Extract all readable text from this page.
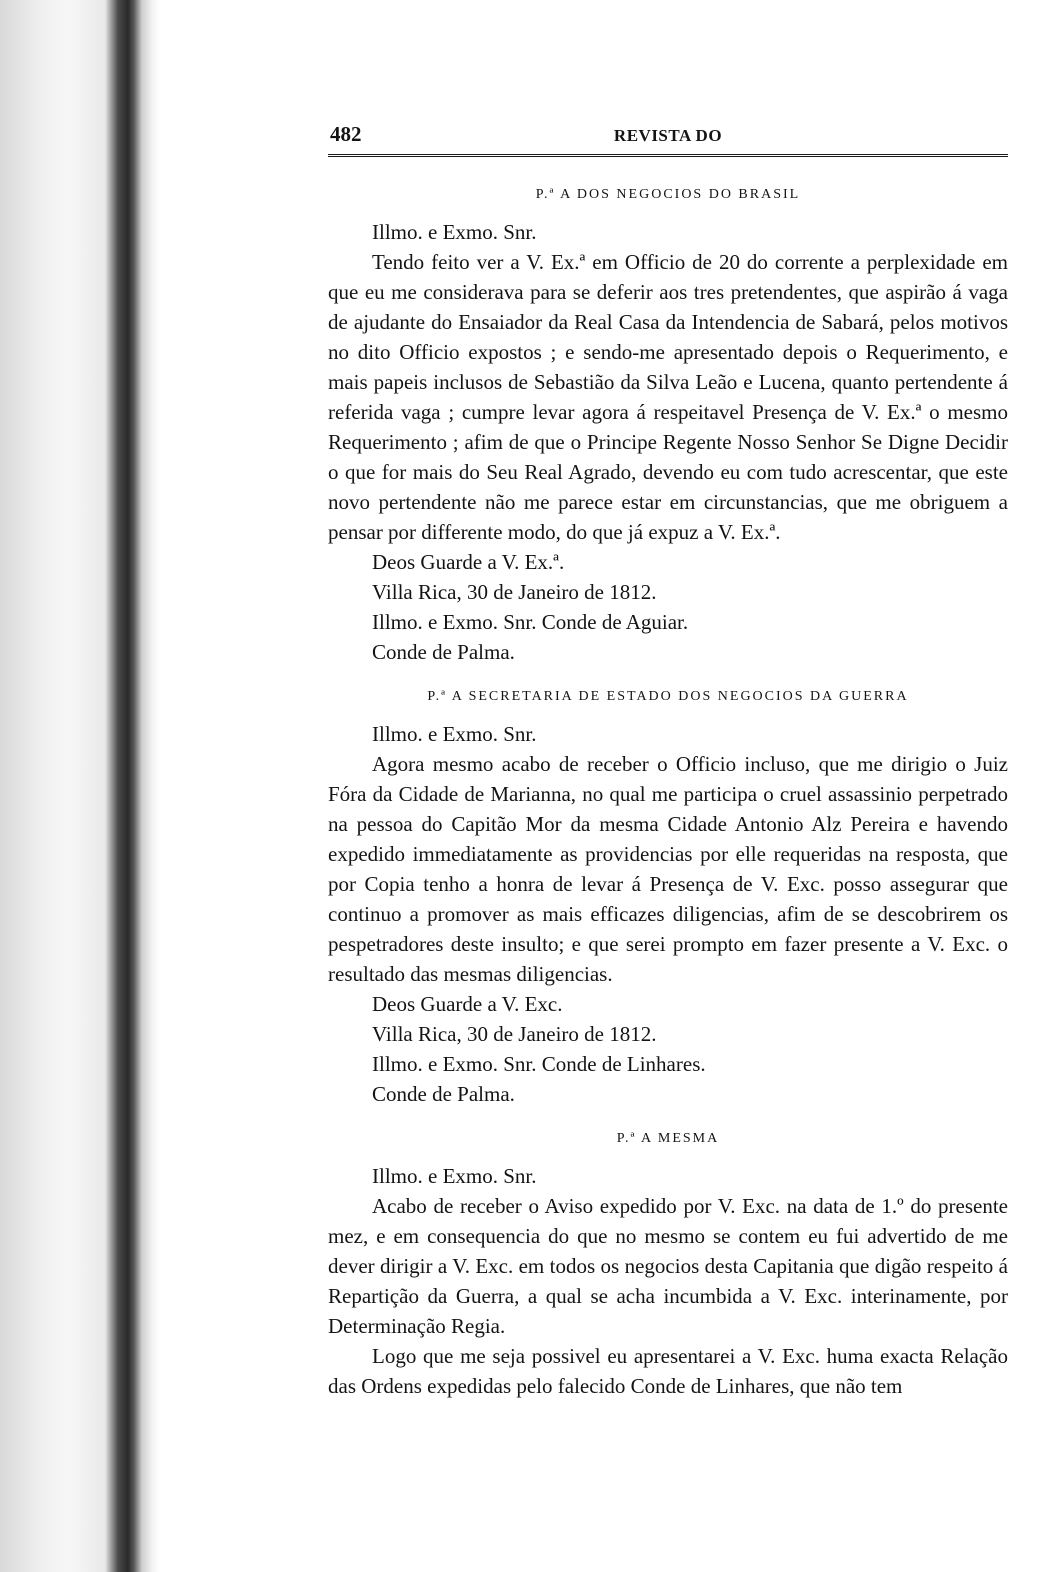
482	REVISTA DO
P.ª A DOS NEGOCIOS DO BRASIL

Illmo. e Exmo. Snr.

Tendo feito ver a V. Ex.ª em Officio de 20 do corrente a perplexidade em que eu me considerava para se deferir aos tres pretendentes, que aspirão á vaga de ajudante do Ensaiador da Real Casa da Intendencia de Sabará, pelos motivos no dito Officio expostos ; e sendo-me apresentado depois o Requerimento, e mais papeis inclusos de Sebastião da Silva Leão e Lucena, quanto pertendente á referida vaga ; cumpre levar agora á respeitavel Presença de V. Ex.ª o mesmo Requerimento ; afim de que o Principe Regente Nosso Senhor Se Digne Decidir o que for mais do Seu Real Agrado, devendo eu com tudo acrescentar, que este novo pertendente não me parece estar em circunstancias, que me obriguem a pensar por differente modo, do que já expuz a V. Ex.ª.

Deos Guarde a V. Ex.ª.

Villa Rica, 30 de Janeiro de 1812.

Illmo. e Exmo. Snr. Conde de Aguiar.

Conde de Palma.

P.ª A SECRETARIA DE ESTADO DOS NEGOCIOS DA GUERRA

Illmo. e Exmo. Snr.

Agora mesmo acabo de receber o Officio incluso, que me dirigio o Juiz Fóra da Cidade de Marianna, no qual me participa o cruel assassinio perpetrado na pessoa do Capitão Mor da mesma Cidade Antonio Alz Pereira e havendo expedido immediatamente as providencias por elle requeridas na resposta, que por Copia tenho a honra de levar á Presença de V. Exc. posso assegurar que continuo a promover as mais efficazes diligencias, afim de se descobrirem os pespetradores deste insulto; e que serei prompto em fazer presente a V. Exc. o resultado das mesmas diligencias.

Deos Guarde a V. Exc.

Villa Rica, 30 de Janeiro de 1812.

Illmo. e Exmo. Snr. Conde de Linhares.

Conde de Palma.

P.ª A MESMA

Illmo. e Exmo. Snr.

Acabo de receber o Aviso expedido por V. Exc. na data de 1.º do presente mez, e em consequencia do que no mesmo se contem eu fui advertido de me dever dirigir a V. Exc. em todos os negocios desta Capitania que digão respeito á Repartição da Guerra, a qual se acha incumbida a V. Exc. interinamente, por Determinação Regia.

Logo que me seja possivel eu apresentarei a V. Exc. huma exacta Relação das Ordens expedidas pelo falecido Conde de Linhares, que não tem
